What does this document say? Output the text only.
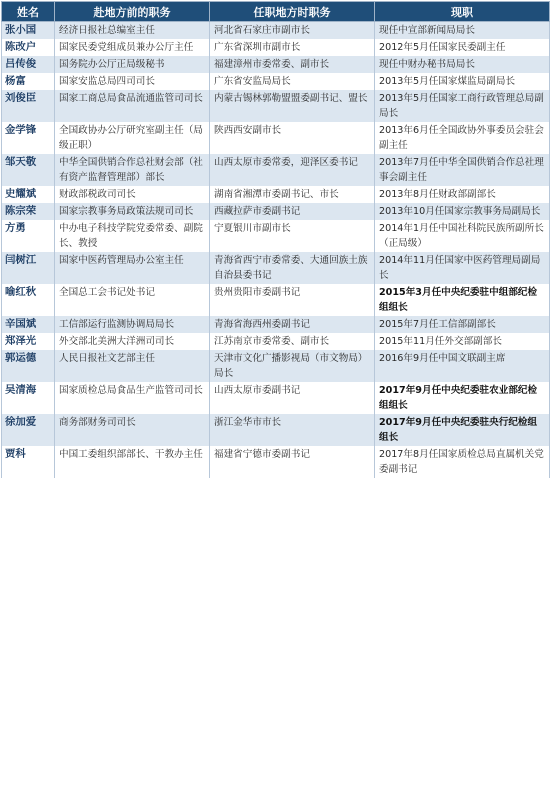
姓名	赴地方前的职务	任职地方时职务	现职
张小国	经济日报社总编室主任	河北省石家庄市副市长	现任中宣部新闻局局长
陈改户	国家民委党组成员兼办公厅主任	广东省深圳市副市长	2012年5月任国家民委副主任
吕传俊	国务院办公厅正局级秘书	福建漳州市委常委、副市长	现任中财办秘书局局长
杨富	国家安监总局四司司长	广东省安监局局长	2013年5月任国家煤监局副局长
刘俊臣	国家工商总局食品流通监管司司长	内蒙古锡林郭勒盟盟委副书记、盟长	2013年5月任国家工商行政管理总局副局长
金学锋	全国政协办公厅研究室副主任（局级正职）	陕西西安副市长	2013年6月任全国政协外事委员会驻会副主任
邹天敬	中华全国供销合作总社财会部（社有资产监督管理部）部长	山西太原市委常委，迎泽区委书记	2013年7月任中华全国供销合作总社理事会副主任
史耀斌	财政部税政司司长	湖南省湘潭市委副书记、市长	2013年8月任财政部副部长
陈宗荣	国家宗教事务局政策法规司司长	西藏拉萨市委副书记	2013年10月任国家宗教事务局副局长
方勇	中办电子科技学院党委常委、副院长、教授	宁夏银川市副市长	2014年1月任中国社科院民族所副所长（正局级）
闫树江	国家中医药管理局办公室主任	青海省西宁市委常委、大通回族土族自治县委书记	2014年11月任国家中医药管理局副局长
喻红秋	全国总工会书记处书记	贵州贵阳市委副书记	2015年3月任中央纪委驻中组部纪检组组长
辛国斌	工信部运行监测协调局局长	青海省海西州委副书记	2015年7月任工信部副部长
郑泽光	外交部北美洲大洋洲司司长	江苏南京市委常委、副市长	2015年11月任外交部副部长
郭运德	人民日报社文艺部主任	天津市文化广播影视局（市文物局）局长	2016年9月任中国文联副主席
吴清海	国家质检总局食品生产监管司司长	山西太原市委副书记	2017年9月任中央纪委驻农业部纪检组组长
徐加爱	商务部财务司司长	浙江金华市市长	2017年9月任中央纪委驻央行纪检组组长
贾科	中国工委组织部部长、干教办主任	福建省宁德市委副书记	2017年8月任国家质检总局直属机关党委副书记
